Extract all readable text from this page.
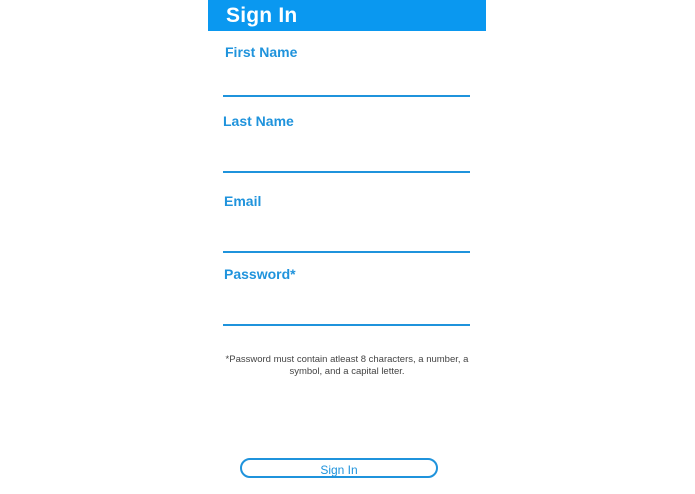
Sign In
First Name
Last Name
Email
Password*
*Password must contain atleast 8 characters, a number, a symbol, and a capital letter.
Sign In
